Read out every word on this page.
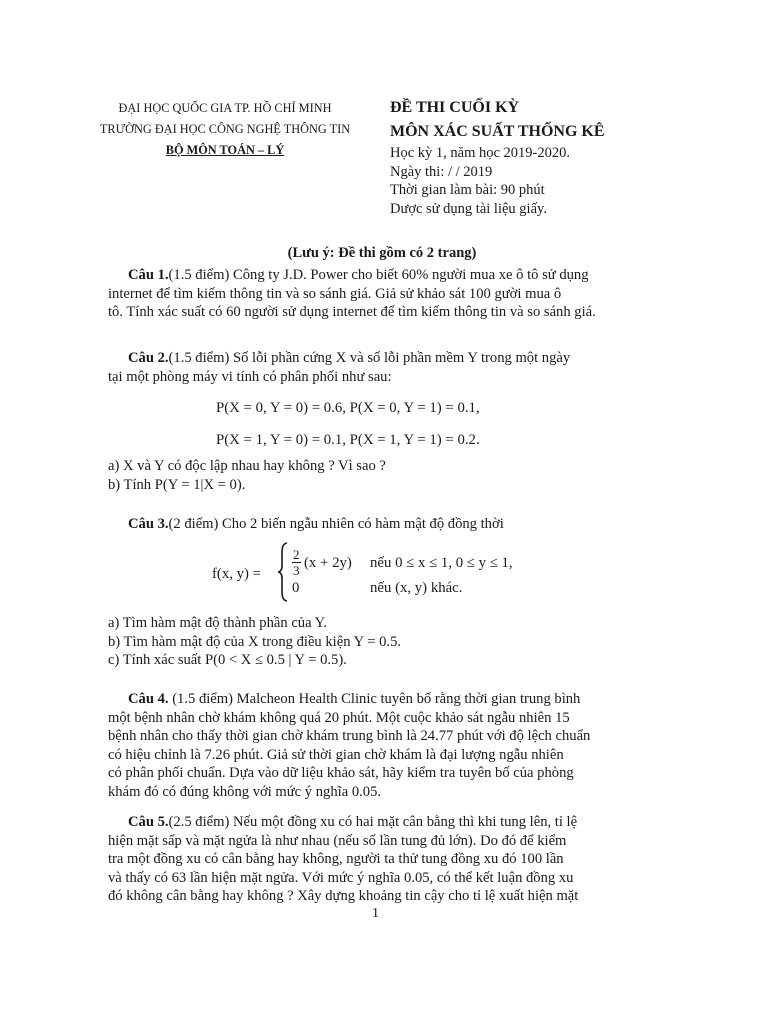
ĐẠI HỌC QUỐC GIA TP. HỒ CHÍ MINH
TRƯỜNG ĐẠI HỌC CÔNG NGHỆ THÔNG TIN
BỘ MÔN TOÁN – LÝ
ĐỀ THI CUỐI KỲ
MÔN XÁC SUẤT THỐNG KÊ
Học kỳ 1, năm học 2019-2020.
Ngày thi: / / 2019
Thời gian làm bài: 90 phút
Dược sử dụng tài liệu giấy.
(Lưu ý: Đề thi gồm có 2 trang)
Câu 1.(1.5 điểm) Công ty J.D. Power cho biết 60% người mua xe ô tô sử dụng
internet để tìm kiếm thông tin và so sánh giá. Giả sử khảo sát 100 gười mua ô
tô. Tính xác suất có 60 người sử dụng internet để tìm kiếm thông tin và so sánh giá.
Câu 2.(1.5 điểm) Số lỗi phần cứng X và số lỗi phần mềm Y trong một ngày
tại một phòng máy vi tính có phân phối như sau:
P(X = 0, Y = 0) = 0.6, P(X = 0, Y = 1) = 0.1,
P(X = 1, Y = 0) = 0.1, P(X = 1, Y = 1) = 0.2.
a) X và Y có độc lập nhau hay không ? Vì sao ?
b) Tính P(Y = 1|X = 0).
Câu 3.(2 điểm) Cho 2 biến ngẫu nhiên có hàm mật độ đồng thời
f(x, $y) = \frac{2}{3} (x + 2y)$ nếu 0 ≤ x ≤ 1, 0 ≤ y ≤ 1,
0	nếu (x, y) khác.
a) Tìm hàm mật độ thành phần của Y.
b) Tìm hàm mật độ của X trong điều kiện Y = 0.5.
c) Tính xác suất P(0 < X ≤ 0.5 | Y = 0.5).
Câu 4. (1.5 điểm) Malcheon Health Clinic tuyên bố rằng thời gian trung bình
một bệnh nhân chờ khám không quá 20 phút. Một cuộc khảo sát ngẫu nhiên 15
bệnh nhân cho thấy thời gian chờ khám trung bình là 24.77 phút với độ lệch chuẩn
có hiệu chỉnh là 7.26 phút. Giả sử thời gian chờ khám là đại lượng ngẫu nhiên
có phân phối chuẩn. Dựa vào dữ liệu khảo sát, hãy kiểm tra tuyên bố của phòng
khám đó có đúng không với mức ý nghĩa 0.05.
Câu 5.(2.5 điểm) Nếu một đồng xu có hai mặt cân bằng thì khi tung lên, tỉ lệ
hiện mặt sấp và mặt ngửa là như nhau (nếu số lần tung đủ lớn). Do đó để kiểm
tra một đồng xu có cân bằng hay không, người ta thử tung đồng xu đó 100 lần
và thấy có 63 lần hiện mặt ngửa. Với mức ý nghĩa 0.05, có thể kết luận đồng xu
đó không cân bằng hay không ? Xây dựng khoảng tin cậy cho tỉ lệ xuất hiện mặt
1
